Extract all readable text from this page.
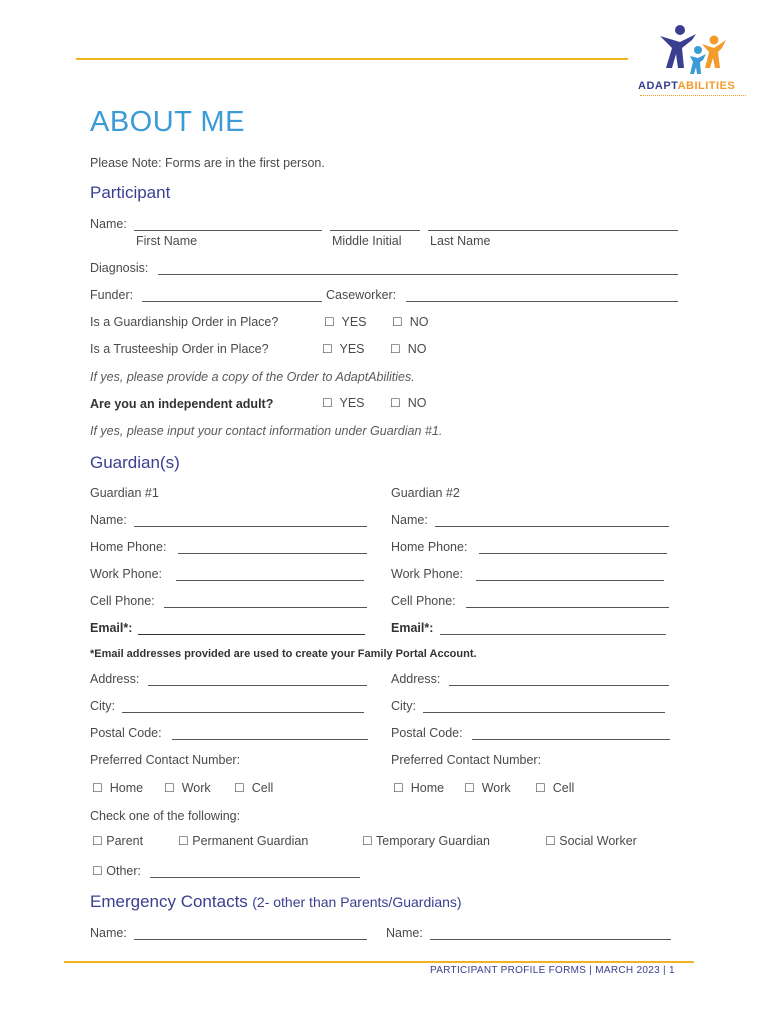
ADAPTABILITIES
ABOUT ME
Please Note: Forms are in the first person.
Participant
Name:
First Name	Middle Initial Last Name
Diagnosis:
Funder:	Caseworker:
Is a Guardianship Order in Place?	☐ YES ☐ NO
Is a Trusteeship Order in Place?	☐ YES ☐ NO
If yes, please provide a copy of the Order to AdaptAbilities.
Are you an independent adult?	☐ YES ☐ NO
If yes, please input your contact information under Guardian #1.
Guardian(s)
Guardian #1	Guardian #2
Name:	Name:
Home Phone:	Home Phone:
Work Phone:	Work Phone:
Cell Phone:	Cell Phone:
Email*:	Email*:
*Email addresses provided are used to create your Family Portal Account.
Address:	Address:
City:	City:
Postal Code:	Postal Code:
Preferred Contact Number:	Preferred Contact Number:
☐ Home ☐ Work ☐ Cell	☐ Home ☐ Work ☐ Cell
Check one of the following:
☐ Parent	☐ Permanent Guardian	☐ Temporary Guardian	☐ Social Worker
☐ Other:
Emergency Contacts (2- other than Parents/Guardians)
Name:	Name:
PARTICIPANT PROFILE FORMS | MARCH 2023 | 1
